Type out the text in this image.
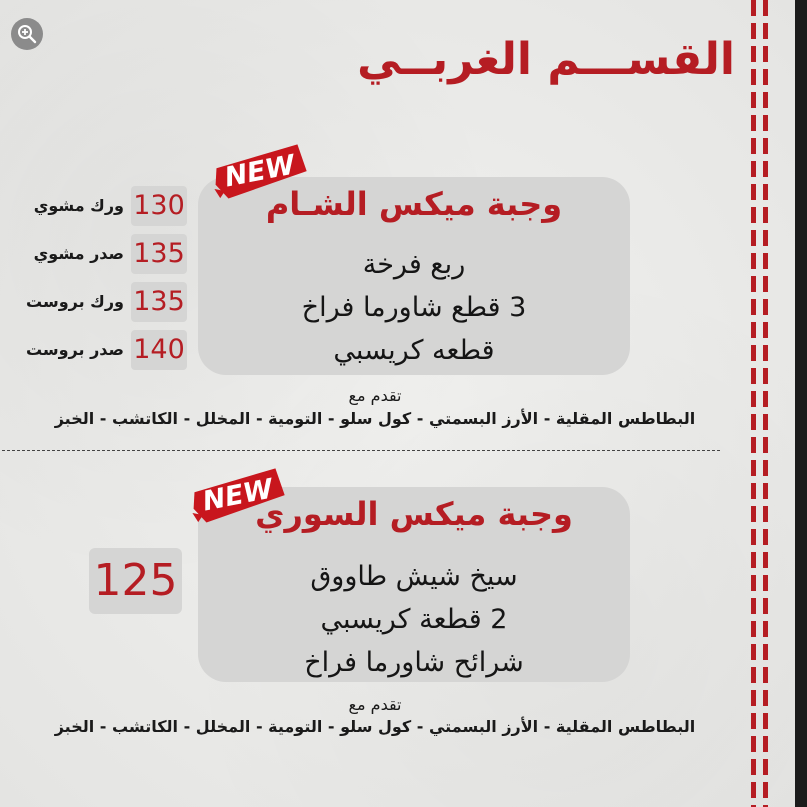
القســـم الغربــي
وجبة ميكس الشـام
ربع فرخة
3 قطع شاورما فراخ
قطعه كريسبي
NEW
130
ورك مشوي
135
صدر مشوي
135
ورك بروست
140
صدر بروست
تقدم مع
البطاطس المقلية - الأرز البسمتي - كول سلو - التومية - المخلل - الكاتشب - الخبز
وجبة ميكس السوري
سيخ شيش طاووق
2 قطعة كريسبي
شرائح شاورما فراخ
NEW
125
تقدم مع
البطاطس المقلية - الأرز البسمتي - كول سلو - التومية - المخلل - الكاتشب - الخبز
